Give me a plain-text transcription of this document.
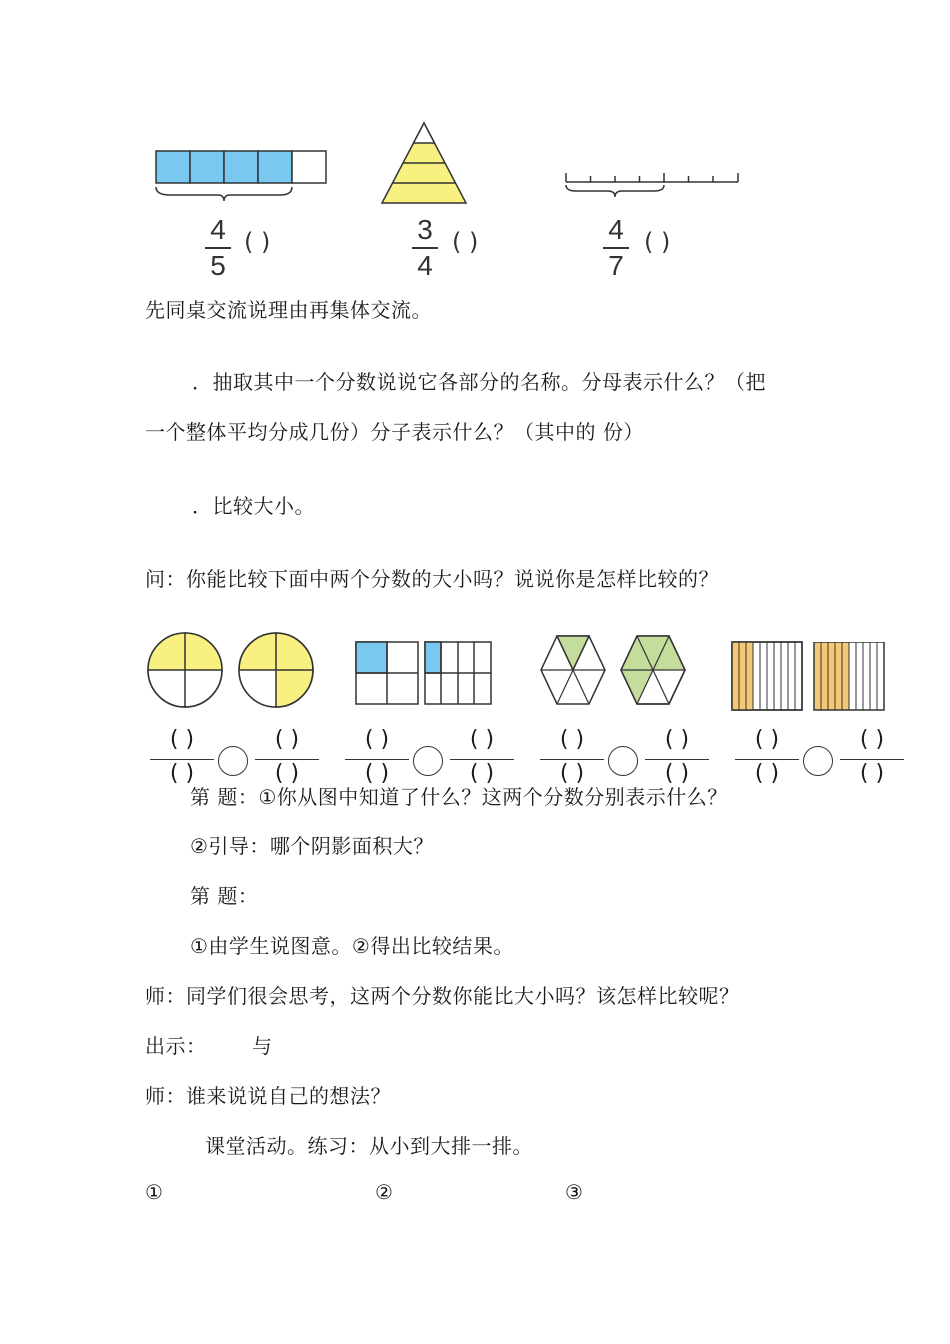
4
5
( )	3
4
( )	4
7
( )
先同桌交流说理由再集体交流。
．抽取其中一个分数说说它各部分的名称。分母表示什么？（把
一个整体平均分成几份）分子表示什么？（其中的 份）
．比较大小。
问：你能比较下面中两个分数的大小吗？说说你是怎样比较的？
( )
( )
( )
( )
( )
( )
( )
( )
( )
( )
( )
( )
( )
( )
( )
( )
第 题：①你从图中知道了什么？这两个分数分别表示什么？
②引导：哪个阴影面积大？
第 题：
①由学生说图意。②得出比较结果。
师：同学们很会思考，这两个分数你能比大小吗？该怎样比较呢？
出示： 与
师：谁来说说自己的想法？
课堂活动。练习：从小到大排一排。
①	②	③
